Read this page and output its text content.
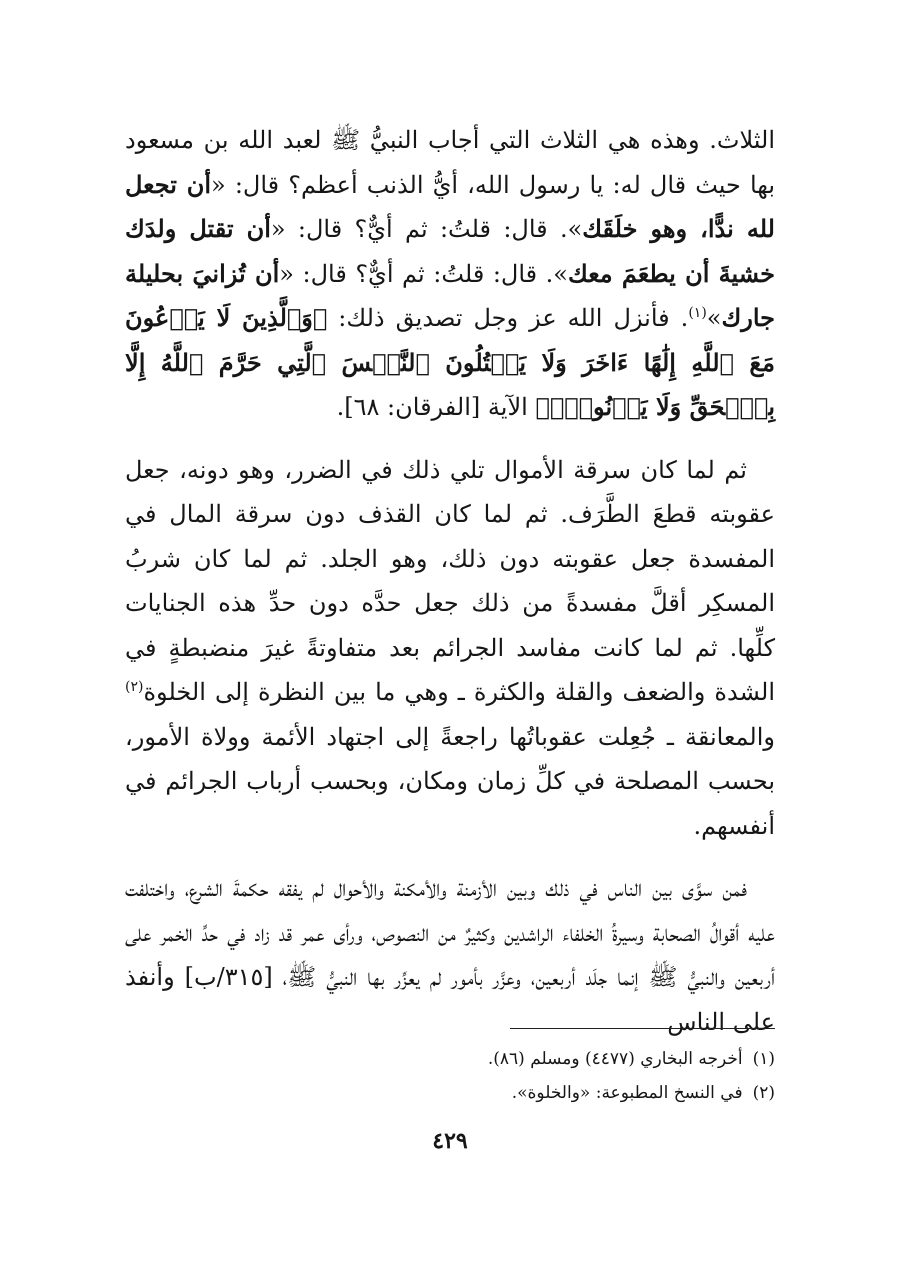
الثلاث. وهذه هي الثلاث التي أجاب النبيُّ ﷺ لعبد الله بن مسعود بها حيث قال له: يا رسول الله، أيُّ الذنب أعظم؟ قال: «أن تجعل لله ندًّا، وهو خلَقَك». قال: قلتُ: ثم أيٌّ؟ قال: «أن تقتل ولدَك خشيةَ أن يطعَمَ معك». قال: قلتُ: ثم أيٌّ؟ قال: «أن تُزانيَ بحليلة جارك»$^{(١)}$. فأنزل الله عز وجل تصديق ذلك: ﴿وَٱلَّذِينَ لَا يَدۡعُونَ مَعَ ٱللَّهِ إِلَٰهًا ءَاخَرَ وَلَا يَقۡتُلُونَ ٱلنَّفۡسَ ٱلَّتِي حَرَّمَ ٱللَّهُ إِلَّا بِٱلۡحَقِّ وَلَا يَزۡنُونَۚ﴾ الآية [الفرقان: ٦٨].

ثم لما كان سرقة الأموال تلي ذلك في الضرر، وهو دونه، جعل عقوبته قطعَ الطَّرَف. ثم لما كان القذف دون سرقة المال في المفسدة جعل عقوبته دون ذلك، وهو الجلد. ثم لما كان شربُ المسكِر أقلَّ مفسدةً من ذلك جعل حدَّه دون حدِّ هذه الجنايات كلِّها. ثم لما كانت مفاسد الجرائم بعد متفاوتةً غيرَ منضبطةٍ في الشدة والضعف والقلة والكثرة ـ وهي ما بين النظرة إلى الخلوة$^{(٢)}$ والمعانقة ـ جُعِلت عقوباتُها راجعةً إلى اجتهاد الأئمة وولاة الأمور، بحسب المصلحة في كلِّ زمان ومكان، وبحسب أرباب الجرائم في أنفسهم.

فمن سوَّى بين الناس في ذلك وبين الأزمنة والأمكنة والأحوال لم يفقه حكمةَ الشرع، واختلفت عليه أقوالُ الصحابة وسيرةُ الخلفاء الراشدين وكثيرٌ من النصوص، ورأى عمر قد زاد في حدِّ الخمر على أربعين والنبيُّ ﷺ إنما جلَد أربعين، وعزَّر بأمور لم يعزِّر بها النبيُّ ﷺ، [٣١٥/ب] وأنفذ على الناس

(١)أخرجه البخاري (٤٤٧٧) ومسلم (٨٦).
(٢)في النسخ المطبوعة: «والخلوة».
٤٢٩
